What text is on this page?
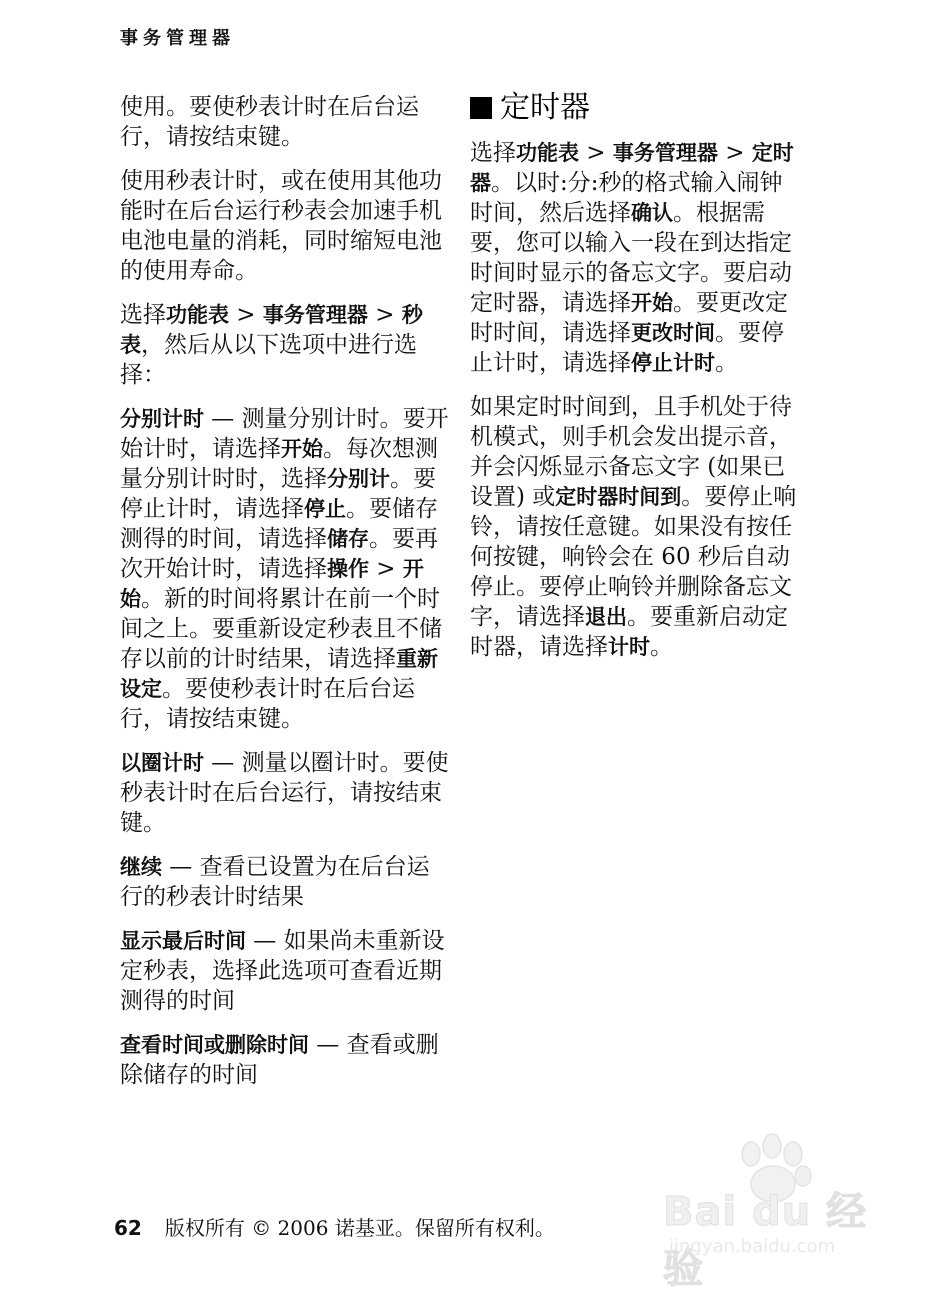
事务管理器

使用。要使秒表计时在后台运行，请按结束键。

使用秒表计时，或在使用其他功能时在后台运行秒表会加速手机电池电量的消耗，同时缩短电池的使用寿命。

选择功能表 > 事务管理器 > 秒表，然后从以下选项中进行选择：

分别计时 — 测量分别计时。要开始计时，请选择开始。每次想测量分别计时时，选择分别计。要停止计时，请选择停止。要储存测得的时间，请选择储存。要再次开始计时，请选择操作 > 开始。新的时间将累计在前一个时间之上。要重新设定秒表且不储存以前的计时结果，请选择重新设定。要使秒表计时在后台运行，请按结束键。

以圈计时 — 测量以圈计时。要使秒表计时在后台运行，请按结束键。

继续 — 查看已设置为在后台运行的秒表计时结果

显示最后时间 — 如果尚未重新设定秒表，选择此选项可查看近期测得的时间

查看时间或删除时间 — 查看或删除储存的时间

定时器

选择功能表 > 事务管理器 > 定时器。以时:分:秒的格式输入闹钟时间，然后选择确认。根据需要，您可以输入一段在到达指定时间时显示的备忘文字。要启动定时器，请选择开始。要更改定时时间，请选择更改时间。要停止计时，请选择停止计时。

如果定时时间到，且手机处于待机模式，则手机会发出提示音，并会闪烁显示备忘文字 (如果已设置) 或定时器时间到。要停止响铃，请按任意键。如果没有按任何按键，响铃会在 60 秒后自动停止。要停止响铃并删除备忘文字，请选择退出。要重新启动定时器，请选择计时。

62 版权所有 © 2006 诺基亚。保留所有权利。	Bai du 经验
jingyan.baidu.com
